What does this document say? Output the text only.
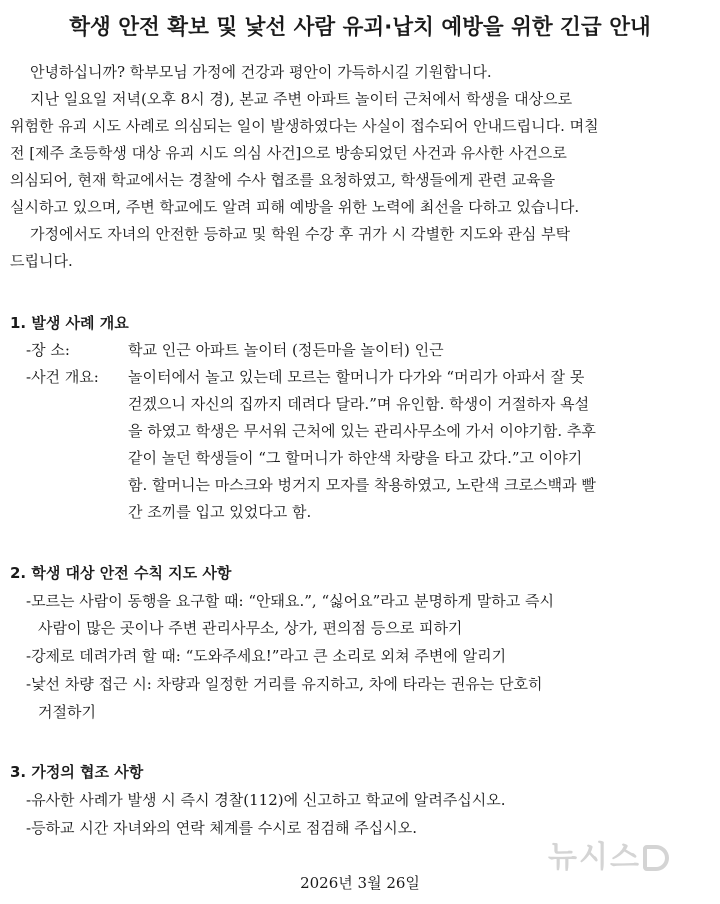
학생 안전 확보 및 낯선 사람 유괴·납치 예방을 위한 긴급 안내
안녕하십니까? 학부모님 가정에 건강과 평안이 가득하시길 기원합니다.
지난 일요일 저녁(오후 8시 경), 본교 주변 아파트 놀이터 근처에서 학생을 대상으로
위험한 유괴 시도 사례로 의심되는 일이 발생하였다는 사실이 접수되어 안내드립니다. 며칠
전 [제주 초등학생 대상 유괴 시도 의심 사건]으로 방송되었던 사건과 유사한 사건으로
의심되어, 현재 학교에서는 경찰에 수사 협조를 요청하였고, 학생들에게 관련 교육을
실시하고 있으며, 주변 학교에도 알려 피해 예방을 위한 노력에 최선을 다하고 있습니다.
가정에서도 자녀의 안전한 등하교 및 학원 수강 후 귀가 시 각별한 지도와 관심 부탁
드립니다.
1. 발생 사례 개요
-장 소:	학교 인근 아파트 놀이터 (정든마을 놀이터) 인근
-사건 개요: 놀이터에서 놀고 있는데 모르는 할머니가 다가와 “머리가 아파서 잘 못
걷겠으니 자신의 집까지 데려다 달라.”며 유인함. 학생이 거절하자 욕설
을 하였고 학생은 무서워 근처에 있는 관리사무소에 가서 이야기함. 추후
같이 놀던 학생들이 “그 할머니가 하얀색 차량을 타고 갔다.”고 이야기
함. 할머니는 마스크와 벙거지 모자를 착용하였고, 노란색 크로스백과 빨
간 조끼를 입고 있었다고 함.
2. 학생 대상 안전 수칙 지도 사항
-모르는 사람이 동행을 요구할 때: “안돼요.”, “싫어요”라고 분명하게 말하고 즉시
사람이 많은 곳이나 주변 관리사무소, 상가, 편의점 등으로 피하기
-강제로 데려가려 할 때: “도와주세요!”라고 큰 소리로 외쳐 주변에 알리기
-낯선 차량 접근 시: 차량과 일정한 거리를 유지하고, 차에 타라는 권유는 단호히
거절하기
3. 가정의 협조 사항
-유사한 사례가 발생 시 즉시 경찰(112)에 신고하고 학교에 알려주십시오.
-등하교 시간 자녀와의 연락 체계를 수시로 점검해 주십시오.
2026년 3월 26일
뉴시스
